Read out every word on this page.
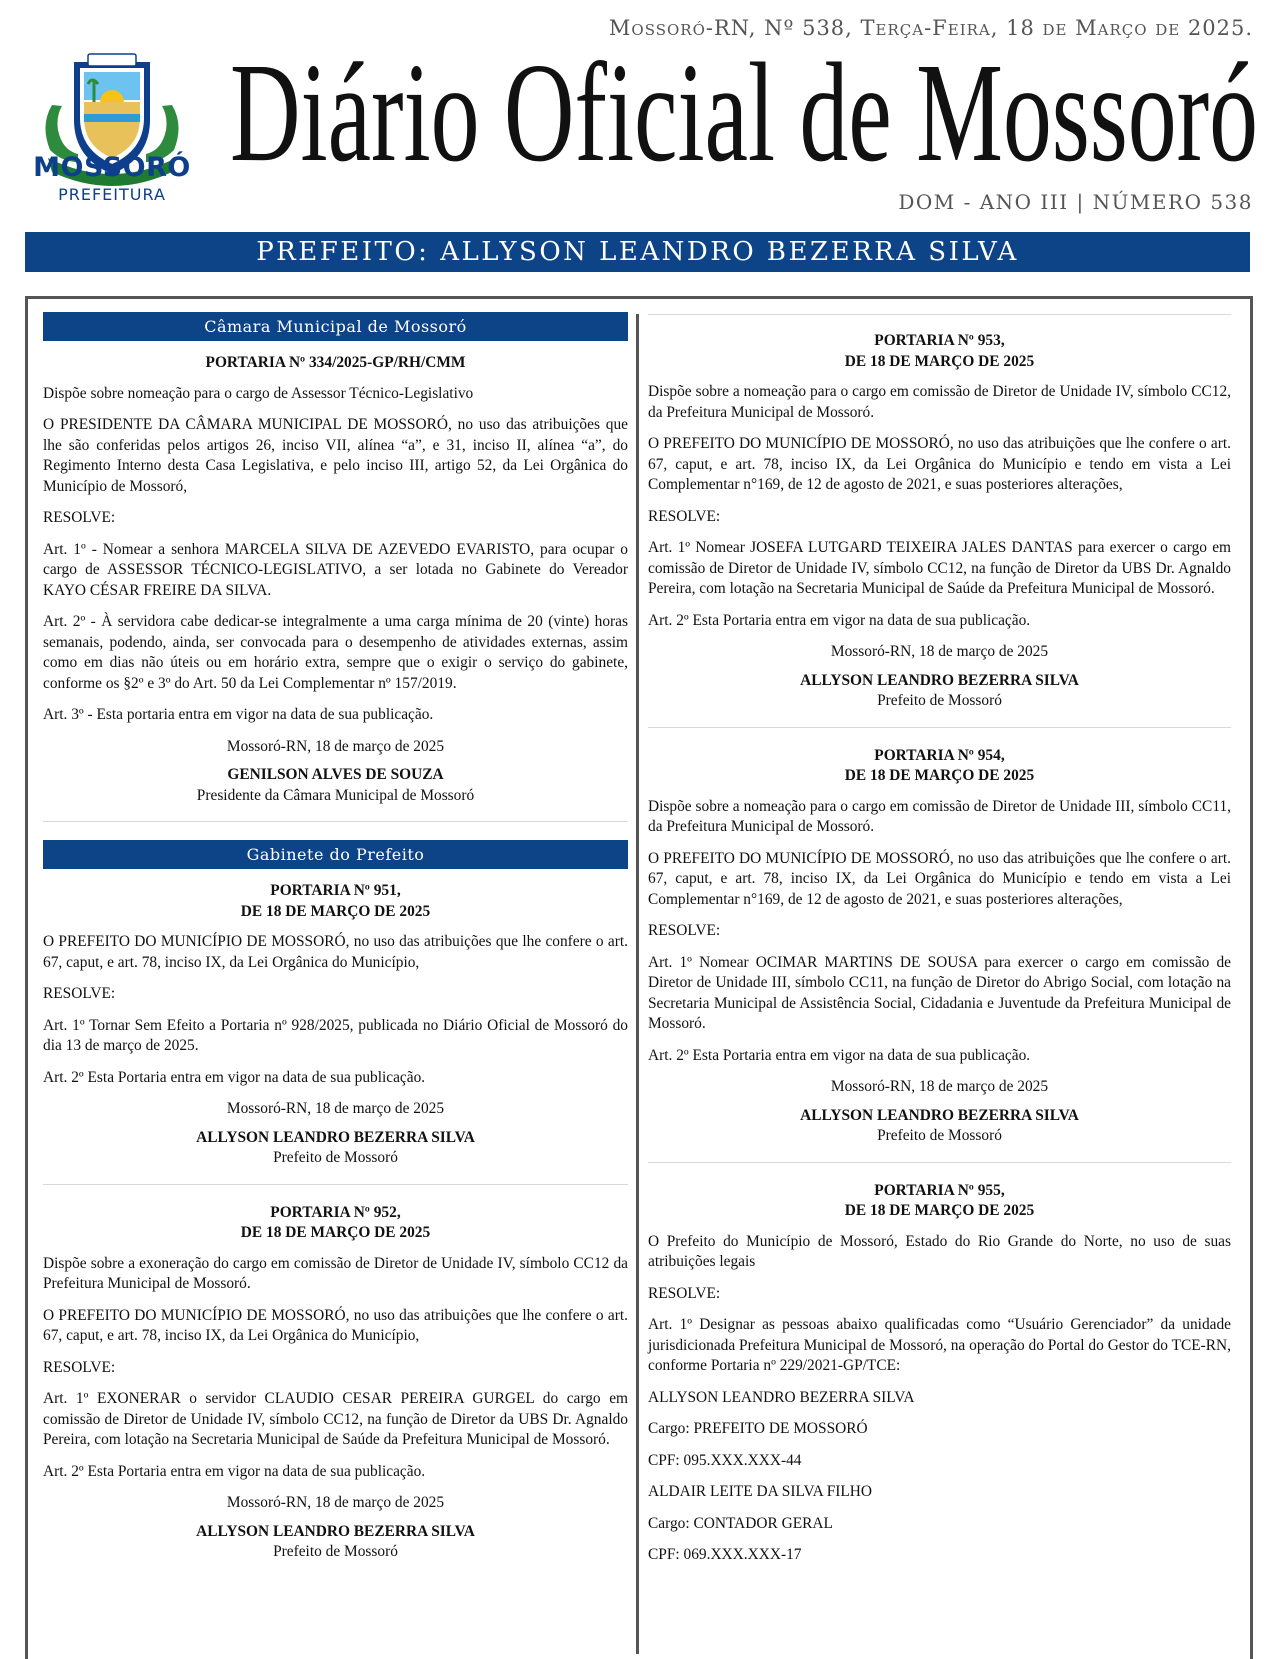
Mossoró-RN, Nº 538, Terça-Feira, 18 de Março de 2025.
MOSSORÓ
PREFEITURA
Diário Oficial de Mossoró
DOM - ANO III | NÚMERO 538
PREFEITO: ALLYSON LEANDRO BEZERRA SILVA
Câmara Municipal de Mossoró
PORTARIA Nº 334/2025-GP/RH/CMM
Dispõe sobre nomeação para o cargo de Assessor Técnico-Legislativo
O PRESIDENTE DA CÂMARA MUNICIPAL DE MOSSORÓ, no uso das atribuições que lhe são conferidas pelos artigos 26, inciso VII, alínea “a”, e 31, inciso II, alínea “a”, do Regimento Interno desta Casa Legislativa, e pelo inciso III, artigo 52, da Lei Orgânica do Município de Mossoró,
RESOLVE:
Art. 1º - Nomear a senhora MARCELA SILVA DE AZEVEDO EVARISTO, para ocupar o cargo de ASSESSOR TÉCNICO-LEGISLATIVO, a ser lotada no Gabinete do Vereador KAYO CÉSAR FREIRE DA SILVA.
Art. 2º - À servidora cabe dedicar-se integralmente a uma carga mínima de 20 (vinte) horas semanais, podendo, ainda, ser convocada para o desempenho de atividades externas, assim como em dias não úteis ou em horário extra, sempre que o exigir o serviço do gabinete, conforme os §2º e 3º do Art. 50 da Lei Complementar nº 157/2019.
Art. 3º - Esta portaria entra em vigor na data de sua publicação.
Mossoró-RN, 18 de março de 2025
GENILSON ALVES DE SOUZA
Presidente da Câmara Municipal de Mossoró
Gabinete do Prefeito
PORTARIA Nº 951,
DE 18 DE MARÇO DE 2025
O PREFEITO DO MUNICÍPIO DE MOSSORÓ, no uso das atribuições que lhe confere o art. 67, caput, e art. 78, inciso IX, da Lei Orgânica do Município,
RESOLVE:
Art. 1º Tornar Sem Efeito a Portaria nº 928/2025, publicada no Diário Oficial de Mossoró do dia 13 de março de 2025.
Art. 2º Esta Portaria entra em vigor na data de sua publicação.
Mossoró-RN, 18 de março de 2025
ALLYSON LEANDRO BEZERRA SILVA
Prefeito de Mossoró
PORTARIA Nº 952,
DE 18 DE MARÇO DE 2025
Dispõe sobre a exoneração do cargo em comissão de Diretor de Unidade IV, símbolo CC12 da Prefeitura Municipal de Mossoró.
O PREFEITO DO MUNICÍPIO DE MOSSORÓ, no uso das atribuições que lhe confere o art. 67, caput, e art. 78, inciso IX, da Lei Orgânica do Município,
RESOLVE:
Art. 1º EXONERAR o servidor CLAUDIO CESAR PEREIRA GURGEL do cargo em comissão de Diretor de Unidade IV, símbolo CC12, na função de Diretor da UBS Dr. Agnaldo Pereira, com lotação na Secretaria Municipal de Saúde da Prefeitura Municipal de Mossoró.
Art. 2º Esta Portaria entra em vigor na data de sua publicação.
Mossoró-RN, 18 de março de 2025
ALLYSON LEANDRO BEZERRA SILVA
Prefeito de Mossoró
PORTARIA Nº 953,
DE 18 DE MARÇO DE 2025
Dispõe sobre a nomeação para o cargo em comissão de Diretor de Unidade IV, símbolo CC12, da Prefeitura Municipal de Mossoró.
O PREFEITO DO MUNICÍPIO DE MOSSORÓ, no uso das atribuições que lhe confere o art. 67, caput, e art. 78, inciso IX, da Lei Orgânica do Município e tendo em vista a Lei Complementar n°169, de 12 de agosto de 2021, e suas posteriores alterações,
RESOLVE:
Art. 1º Nomear JOSEFA LUTGARD TEIXEIRA JALES DANTAS para exercer o cargo em comissão de Diretor de Unidade IV, símbolo CC12, na função de Diretor da UBS Dr. Agnaldo Pereira, com lotação na Secretaria Municipal de Saúde da Prefeitura Municipal de Mossoró.
Art. 2º Esta Portaria entra em vigor na data de sua publicação.
Mossoró-RN, 18 de março de 2025
ALLYSON LEANDRO BEZERRA SILVA
Prefeito de Mossoró
PORTARIA Nº 954,
DE 18 DE MARÇO DE 2025
Dispõe sobre a nomeação para o cargo em comissão de Diretor de Unidade III, símbolo CC11, da Prefeitura Municipal de Mossoró.
O PREFEITO DO MUNICÍPIO DE MOSSORÓ, no uso das atribuições que lhe confere o art. 67, caput, e art. 78, inciso IX, da Lei Orgânica do Município e tendo em vista a Lei Complementar n°169, de 12 de agosto de 2021, e suas posteriores alterações,
RESOLVE:
Art. 1º Nomear OCIMAR MARTINS DE SOUSA para exercer o cargo em comissão de Diretor de Unidade III, símbolo CC11, na função de Diretor do Abrigo Social, com lotação na Secretaria Municipal de Assistência Social, Cidadania e Juventude da Prefeitura Municipal de Mossoró.
Art. 2º Esta Portaria entra em vigor na data de sua publicação.
Mossoró-RN, 18 de março de 2025
ALLYSON LEANDRO BEZERRA SILVA
Prefeito de Mossoró
PORTARIA Nº 955,
DE 18 DE MARÇO DE 2025
O Prefeito do Município de Mossoró, Estado do Rio Grande do Norte, no uso de suas atribuições legais
RESOLVE:
Art. 1º Designar as pessoas abaixo qualificadas como “Usuário Gerenciador” da unidade jurisdicionada Prefeitura Municipal de Mossoró, na operação do Portal do Gestor do TCE-RN, conforme Portaria nº 229/2021-GP/TCE:
ALLYSON LEANDRO BEZERRA SILVA
Cargo: PREFEITO DE MOSSORÓ
CPF: 095.XXX.XXX-44
ALDAIR LEITE DA SILVA FILHO
Cargo: CONTADOR GERAL
CPF: 069.XXX.XXX-17
